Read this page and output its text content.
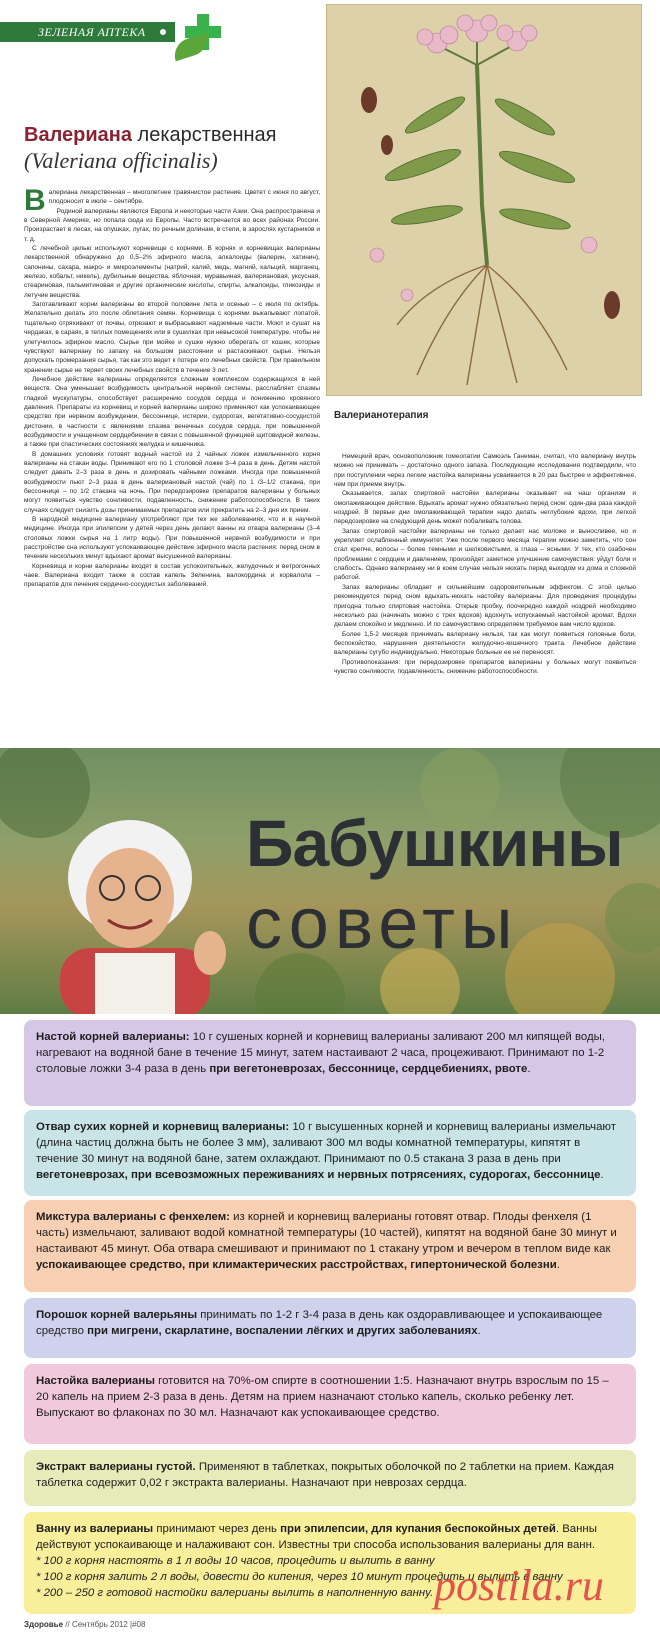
ЗЕЛЕНАЯ АПТЕКА
Валериана лекарственная
(Valeriana officinalis)

Валериана лекарственная – многолетнее травянистое растение. Цветет с июня по август, плодоносит в июле – сентябре.

Родиной валерианы являются Европа и некоторые части Азии. Она распространена и в Северной Америке, но попала сюда из Европы. Часто встречается во всех районах России. Произрастает в лесах, на опушках, лугах, по речным долинам, в степи, в зарослях кустарников и т. д.

С лечебной целью используют корневище с корнями. В корнях и корневищах валерианы лекарственной обнаружено до 0,5–2% эфирного масла, алкалоиды (валерин, хатинин), сапонины, сахара, макро- и микроэлементы (натрий, калий, медь, магний, кальций, марганец, железо, кобальт, никель), дубильные вещества, яблочная, муравьиная, валериановая, уксусная, стеариновая, пальмитиновая и другие органические кислоты, спирты, алкалоиды, гликозиды и летучие вещества.

Заготавливают корни валерианы во второй половине лета и осенью – с июля по октябрь. Желательно делать это после облетания семян. Корневища с корнями выкапывают лопатой, тщательно отряхивают от почвы, отрезают и выбрасывают надземные части. Моют и сушат на чердаках, в сараях, в теплых помещениях или в сушилках при невысокой температуре, чтобы не улетучилось эфирное масло. Сырье при мойке и сушке нужно оберегать от кошек, которые чувствуют валериану по запаху на большом расстоянии и растаскивают сырье. Нельзя допускать промерзания сырья, так как это ведет к потере его лечебных свойств. При правильном хранении сырье не теряет своих лечебных свойств в течение 3 лет.

Лечебное действие валерианы определяется сложным комплексом содержащихся в ней веществ. Она уменьшает возбудимость центральной нервной системы, расслабляет спазмы гладкой мускулатуры, способствует расширению сосудов сердца и понижению кровяного давления. Препараты из корневищ и корней валерианы широко применяют как успокаивающее средство при нервном возбуждении, бессоннице, истерии, судорогах, вегетативно-сосудистой дистонии, в частности с явлениями спазма венечных сосудов сердца, при повышенной возбудимости и учащенном сердцебиении в связи с повышенной функцией щитовидной железы, а также при спастических состояниях желудка и кишечника.

В домашних условиях готовят водный настой из 2 чайных ложек измельченного корня валерианы на стакан воды. Принимают его по 1 столовой ложке 3–4 раза в день. Детям настой следует давать 2–3 раза в день и дозировать чайными ложками. Иногда при повышенной возбудимости пьют 2–3 раза в день валериановый настой (чай) по 1 /3–1/2 стакана, при бессоннице – по 1/2 стакана на ночь. При передозировке препаратов валерианы у больных могут появиться чувство сонливости, подавленность, снижение работоспособности. В таких случаях следует снизить дозы принимаемых препаратов или прекратить на 2–3 дня их прием.

В народной медицине валериану употребляют при тех же заболеваниях, что и в научной медицине. Иногда при эпилепсии у детей через день делают ванны из отвара валерианы (3–4 столовых ложки сырья на 1 литр воды). При повышенной нервной возбудимости и при расстройстве сна используют успокаивающее действие эфирного масла растения: перед сном в течение нескольких минут вдыхают аромат высушенной валерианы.

Корневища и корни валерианы входят в состав успокоительных, желудочных и ветрогонных чаев. Валериана входит также в состав капель Зеленина, валокордина и корвалола – препаратов для лечения сердечно-сосудистых заболеваний.

Валерианотерапия

Немецкий врач, основоположник гомеопатии Самюэль Ганеман, считал, что валериану внутрь можно не принимать – достаточно одного запаха. Последующие исследования подтвердили, что при поступлении через легкие настойка валерианы усваивается в 20 раз быстрее и эффективнее, чем при приеме внутрь.

Оказывается, запах спиртовой настойки валерианы оказывает на наш организм и омолаживающее действие. Вдыхать аромат нужно обязательно перед сном: один-два раза каждой ноздрей. В первые дни омолаживающей терапии надо делать неглубокие вдохи, при легкой передозировке на следующий день может побаливать голова.

Запах спиртовой настойки валерианы не только делает нас моложе и выносливее, но и укрепляет ослабленный иммунитет. Уже после первого месяца терапии можно заметить, что сон стал крепче, волосы – более темными и шелковистыми, а глаза – ясными. У тех, кто озабочен проблемами с сердцем и давлением, произойдет заметное улучшение самочувствия: уйдут боли и слабость. Однако валерианку ни в коем случае нельзя нюхать перед выходом из дома и сложной работой.

Запах валерианы обладает и сильнейшим оздоровительным эффектом. С этой целью рекомендуется перед сном вдыхать-нюхать настойку валерианы. Для проведения процедуры пригодна только спиртовая настойка. Открыв пробку, поочередно каждой ноздрей необходимо несколько раз (начинать можно с трех вдохов) вдохнуть испускаемый настойкой аромат. Вдохи делаем спокойно и медленно. И по самочувствию определяем требуемое вам число вдохов.

Более 1,5-2 месяцев принимать валериану нельзя, так как могут появиться головные боли, беспокойство, нарушения деятельности желудочно-кишечного тракта. Лечебное действие валерианы сугубо индивидуально. Некоторые больные ее не переносят.

Противопоказания: при передозировке препаратов валерианы у больных могут появиться чувство сонливости, подавленность, снижение работоспособности.

Бабушкины
советы
Настой корней валерианы: 10 г сушеных корней и корневищ валерианы заливают 200 мл кипящей воды, нагревают на водяной бане в течение 15 минут, затем настаивают 2 часа, процеживают. Принимают по 1-2 столовые ложки 3-4 раза в день при вегетоневрозах, бессоннице, сердцебиениях, рвоте.
Отвар сухих корней и корневищ валерианы: 10 г высушенных корней и корневищ валерианы измельчают (длина частиц должна быть не более 3 мм), заливают 300 мл воды комнатной температуры, кипятят в течение 30 минут на водяной бане, затем охлаждают. Принимают по 0.5 стакана 3 раза в день при вегетоневрозах, при всевозможных переживаниях и нервных потрясениях, судорогах, бессоннице.
Микстура валерианы с фенхелем: из корней и корневищ валерианы готовят отвар. Плоды фенхеля (1 часть) измельчают, заливают водой комнатной температуры (10 частей), кипятят на водяной бане 30 минут и настаивают 45 минут. Оба отвара смешивают и принимают по 1 стакану утром и вечером в теплом виде как успокаивающее средство, при климактерических расстройствах, гипертонической болезни.
Порошок корней валерьяны принимать по 1-2 г 3-4 раза в день как оздоравливающее и успокаивающее средство при мигрени, скарлатине, воспалении лёгких и других заболеваниях.
Настойка валерианы готовится на 70%-ом спирте в соотношении 1:5. Назначают внутрь взрослым по 15 – 20 капель на прием 2-3 раза в день. Детям на прием назначают столько капель, сколько ребенку лет. Выпускают во флаконах по 30 мл. Назначают как успокаивающее средство.
Экстракт валерианы густой. Применяют в таблетках, покрытых оболочкой по 2 таблетки на прием. Каждая таблетка содержит 0,02 г экстракта валерианы. Назначают при неврозах сердца.
Ванну из валерианы принимают через день при эпилепсии, для купания беспокойных детей. Ванны действуют успокаивающе и налаживают сон. Известны три способа использования валерианы для ванн.
* 100 г корня настоять в 1 л воды 10 часов, процедить и вылить в ванну
* 100 г корня залить 2 л воды, довести до кипения, через 10 минут процедить и вылить в ванну
* 200 – 250 г готовой настойки валерианы вылить в наполненную ванну. postila.ru
Здоровье // Сентябрь 2012 |#08
